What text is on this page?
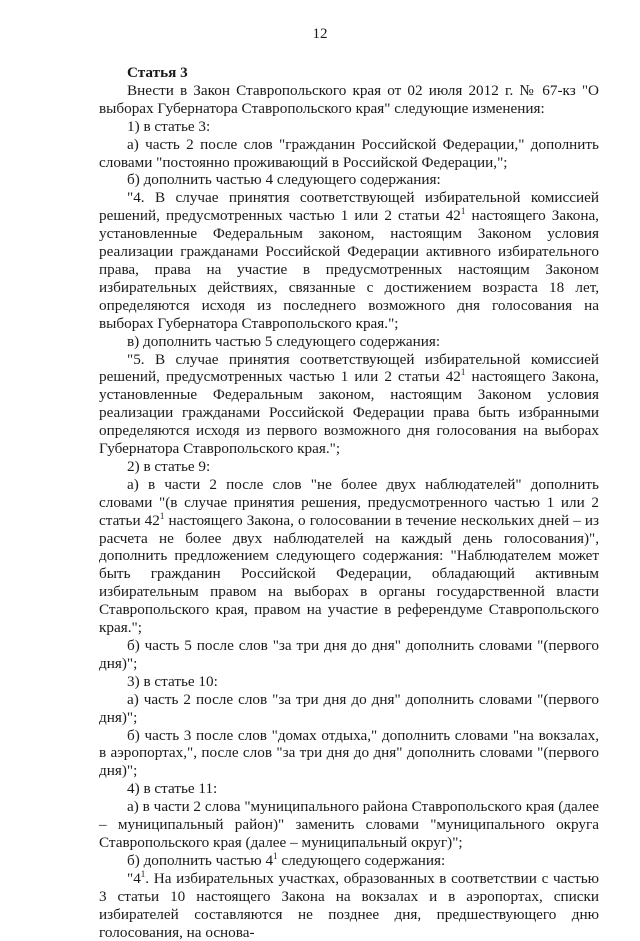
12

Статья 3

Внести в Закон Ставропольского края от 02 июля 2012 г. № 67-кз "О выборах Губернатора Ставропольского края" следующие изменения:

1) в статье 3:

а) часть 2 после слов "гражданин Российской Федерации," дополнить словами "постоянно проживающий в Российской Федерации,";

б) дополнить частью 4 следующего содержания:

"4. В случае принятия соответствующей избирательной комиссией решений, предусмотренных частью 1 или 2 статьи $42^1$ настоящего Закона, установленные Федеральным законом, настоящим Законом условия реализации гражданами Российской Федерации активного избирательного права, права на участие в предусмотренных настоящим Законом избирательных действиях, связанные с достижением возраста 18 лет, определяются исходя из последнего возможного дня голосования на выборах Губернатора Ставропольского края.";

в) дополнить частью 5 следующего содержания:

"5. В случае принятия соответствующей избирательной комиссией решений, предусмотренных частью 1 или 2 статьи $42^1$ настоящего Закона, установленные Федеральным законом, настоящим Законом условия реализации гражданами Российской Федерации права быть избранными определяются исходя из первого возможного дня голосования на выборах Губернатора Ставропольского края.";

2) в статье 9:

а) в части 2 после слов "не более двух наблюдателей" дополнить словами "(в случае принятия решения, предусмотренного частью 1 или 2 статьи $42^1$ настоящего Закона, о голосовании в течение нескольких дней – из расчета не более двух наблюдателей на каждый день голосования)", дополнить предложением следующего содержания: "Наблюдателем может быть гражданин Российской Федерации, обладающий активным избирательным правом на выборах в органы государственной власти Ставропольского края, правом на участие в референдуме Ставропольского края.";

б) часть 5 после слов "за три дня до дня" дополнить словами "(первого дня)";

3) в статье 10:

а) часть 2 после слов "за три дня до дня" дополнить словами "(первого дня)";

б) часть 3 после слов "домах отдыха," дополнить словами "на вокзалах, в аэропортах,", после слов "за три дня до дня" дополнить словами "(первого дня)";

4) в статье 11:

а) в части 2 слова "муниципального района Ставропольского края (далее – муниципальный район)" заменить словами "муниципального округа Ставропольского края (далее – муниципальный округ)";

б) дополнить частью $4^1$ следующего содержания:

"$4^1$. На избирательных участках, образованных в соответствии с частью 3 статьи 10 настоящего Закона на вокзалах и в аэропортах, списки избирателей составляются не позднее дня, предшествующего дню голосования, на основа-
